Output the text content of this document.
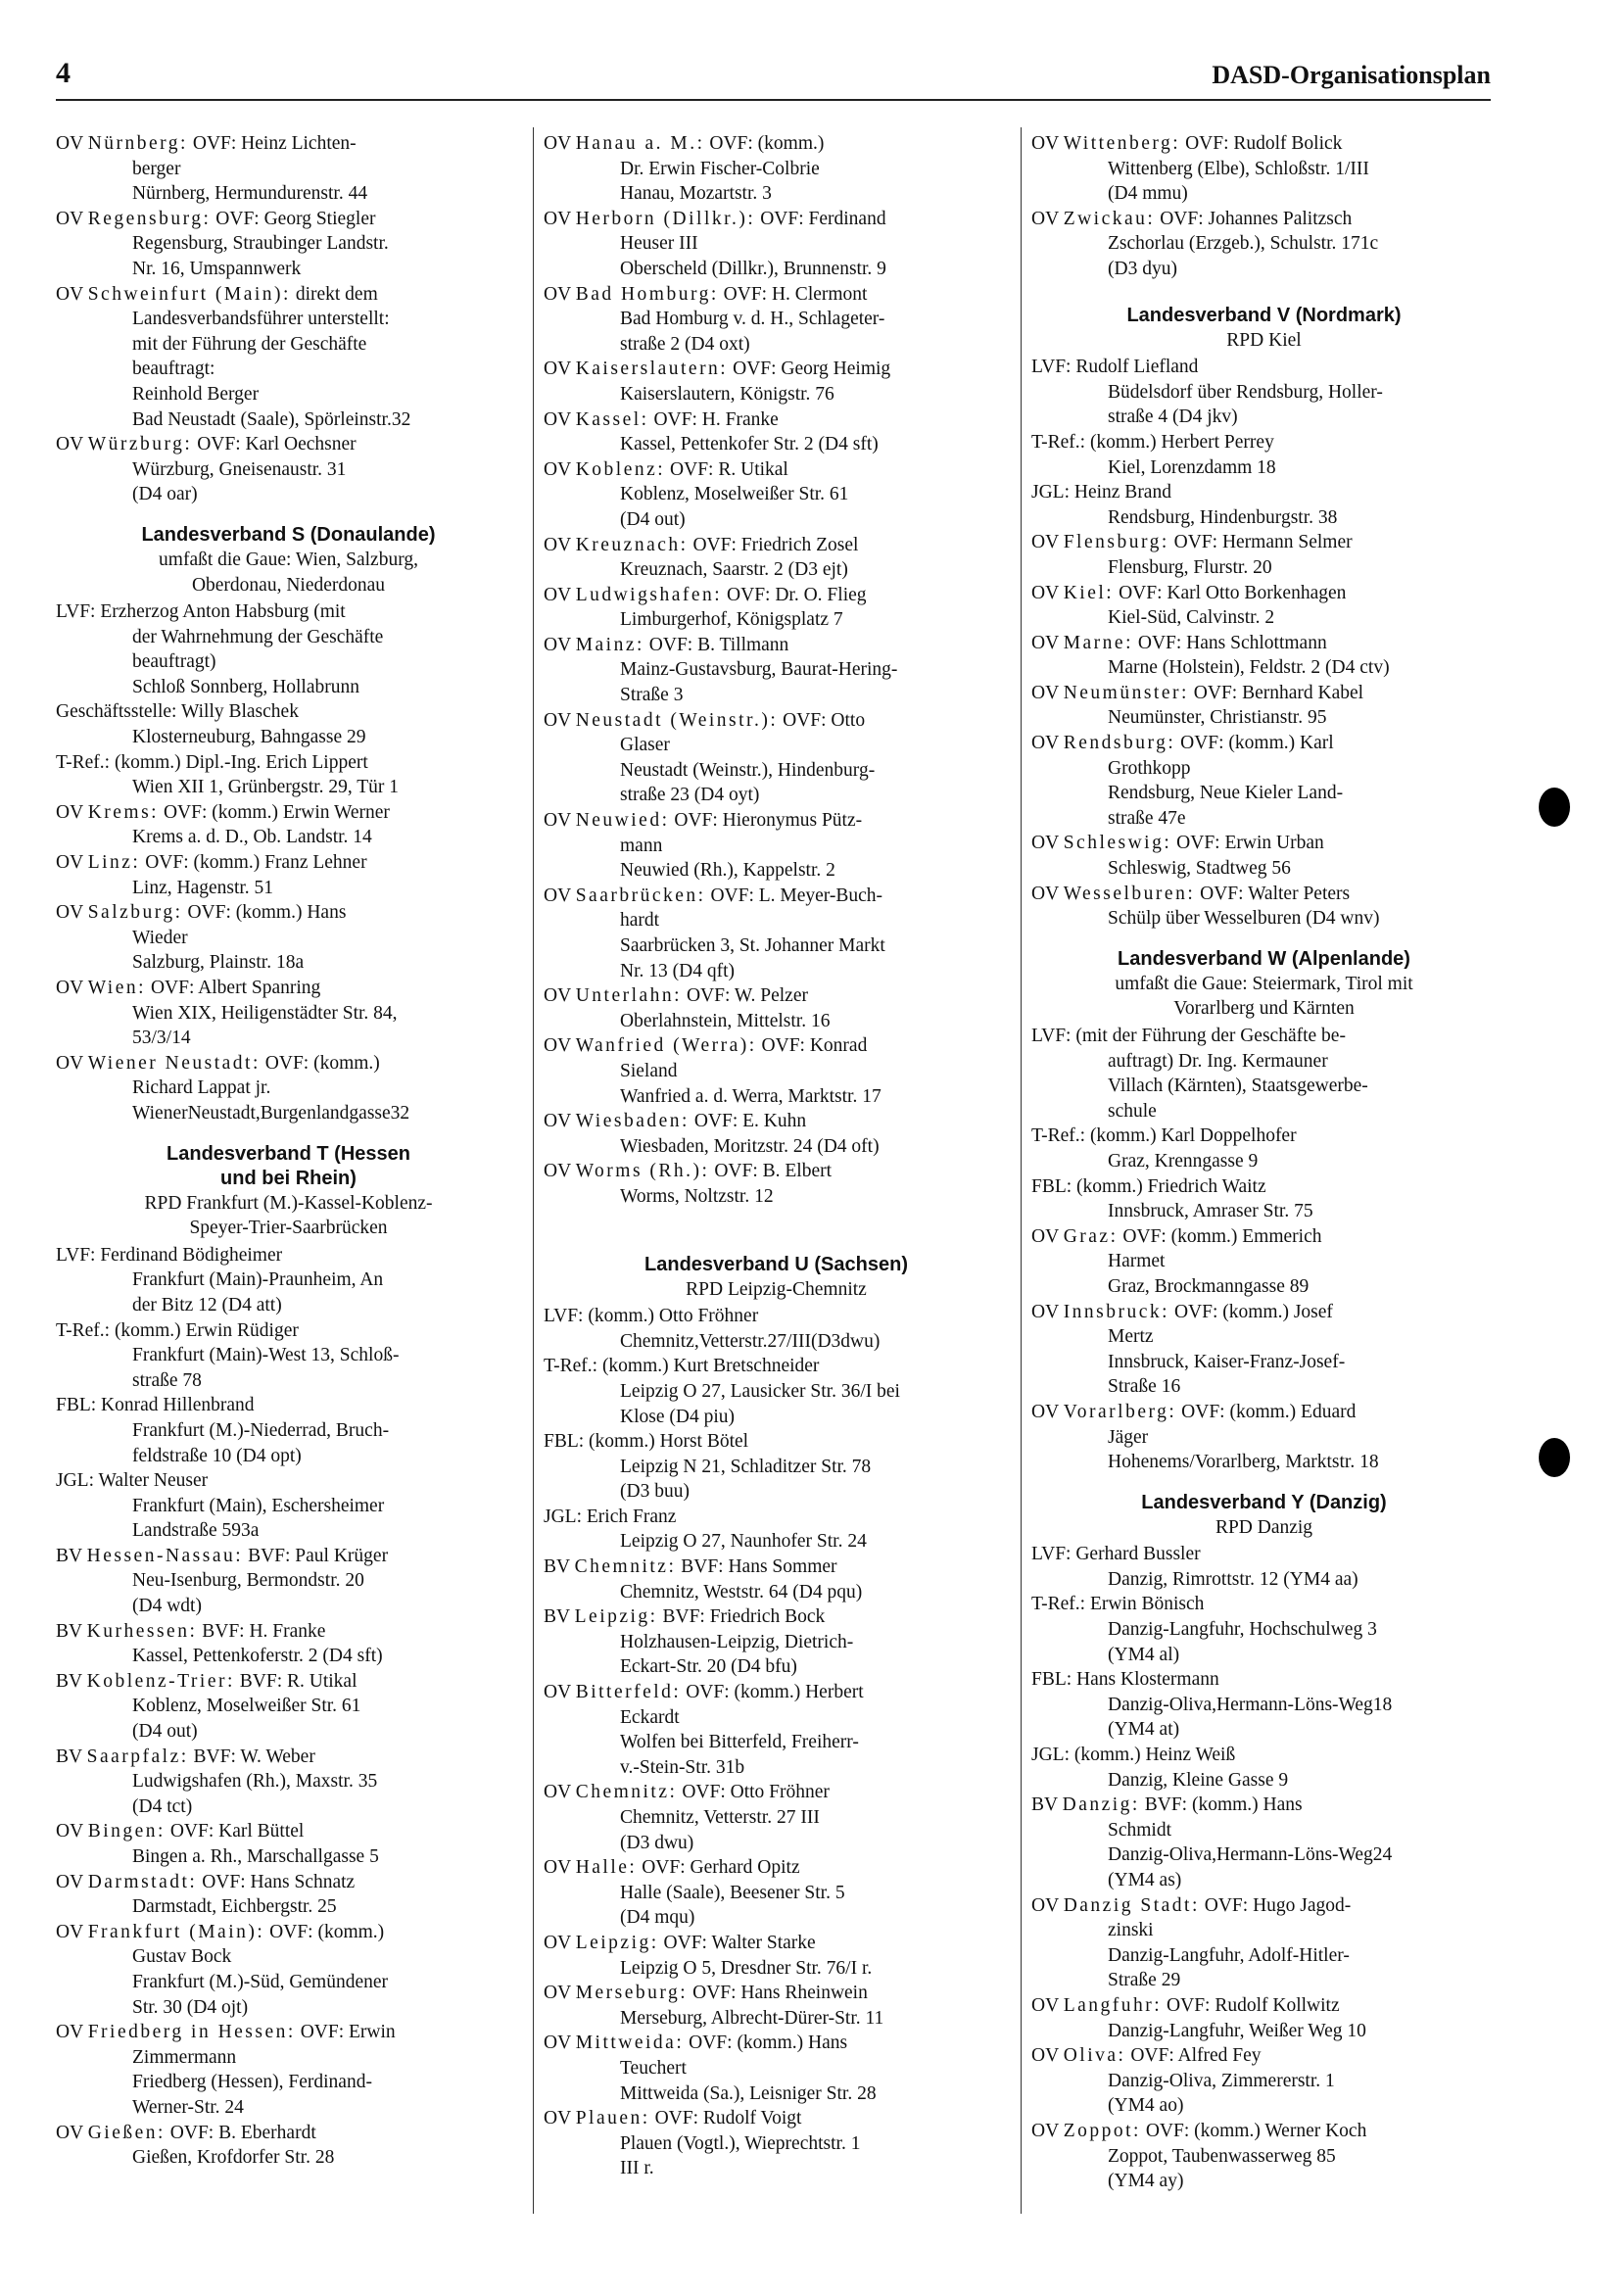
4	DASD-Organisationsplan
OV Nürnberg: OVF: Heinz Lichten-
berger
Nürnberg, Hermundurenstr. 44
OV Regensburg: OVF: Georg Stiegler
Regensburg, Straubinger Landstr.
Nr. 16, Umspannwerk
OV Schweinfurt (Main): direkt dem
Landesverbandsführer unterstellt:
mit der Führung der Geschäfte
beauftragt:
Reinhold Berger
Bad Neustadt (Saale), Spörleinstr.32
OV Würzburg: OVF: Karl Oechsner
Würzburg, Gneisenaustr. 31
(D4 oar)
Landesverband S (Donaulande)
umfaßt die Gaue: Wien, Salzburg,
Oberdonau, Niederdonau
LVF: Erzherzog Anton Habsburg (mit
der Wahrnehmung der Geschäfte
beauftragt)
Schloß Sonnberg, Hollabrunn
Geschäftsstelle: Willy Blaschek
Klosterneuburg, Bahngasse 29
T-Ref.: (komm.) Dipl.-Ing. Erich Lippert
Wien XII 1, Grünbergstr. 29, Tür 1
OV Krems: OVF: (komm.) Erwin Werner
Krems a. d. D., Ob. Landstr. 14
OV Linz: OVF: (komm.) Franz Lehner
Linz, Hagenstr. 51
OV Salzburg: OVF: (komm.) Hans
Wieder
Salzburg, Plainstr. 18a
OV Wien: OVF: Albert Spanring
Wien XIX, Heiligenstädter Str. 84,
53/3/14
OV Wiener Neustadt: OVF: (komm.)
Richard Lappat jr.
WienerNeustadt,Burgenlandgasse32
Landesverband T (Hessen
und bei Rhein)
RPD Frankfurt (M.)-Kassel-Koblenz-
Speyer-Trier-Saarbrücken
LVF: Ferdinand Bödigheimer
Frankfurt (Main)-Praunheim, An
der Bitz 12 (D4 att)
T-Ref.: (komm.) Erwin Rüdiger
Frankfurt (Main)-West 13, Schloß-
straße 78
FBL: Konrad Hillenbrand
Frankfurt (M.)-Niederrad, Bruch-
feldstraße 10 (D4 opt)
JGL: Walter Neuser
Frankfurt (Main), Eschersheimer
Landstraße 593a
BV Hessen-Nassau: BVF: Paul Krüger
Neu-Isenburg, Bermondstr. 20
(D4 wdt)
BV Kurhessen: BVF: H. Franke
Kassel, Pettenkoferstr. 2 (D4 sft)
BV Koblenz-Trier: BVF: R. Utikal
Koblenz, Moselweißer Str. 61
(D4 out)
BV Saarpfalz: BVF: W. Weber
Ludwigshafen (Rh.), Maxstr. 35
(D4 tct)
OV Bingen: OVF: Karl Büttel
Bingen a. Rh., Marschallgasse 5
OV Darmstadt: OVF: Hans Schnatz
Darmstadt, Eichbergstr. 25
OV Frankfurt (Main): OVF: (komm.)
Gustav Bock
Frankfurt (M.)-Süd, Gemündener
Str. 30 (D4 ojt)
OV Friedberg in Hessen: OVF: Erwin
Zimmermann
Friedberg (Hessen), Ferdinand-
Werner-Str. 24
OV Gießen: OVF: B. Eberhardt
Gießen, Krofdorfer Str. 28
OV Hanau a. M.: OVF: (komm.)
Dr. Erwin Fischer-Colbrie
Hanau, Mozartstr. 3
OV Herborn (Dillkr.): OVF: Ferdinand
Heuser III
Oberscheld (Dillkr.), Brunnenstr. 9
OV Bad Homburg: OVF: H. Clermont
Bad Homburg v. d. H., Schlageter-
straße 2 (D4 oxt)
OV Kaiserslautern: OVF: Georg Heimig
Kaiserslautern, Königstr. 76
OV Kassel: OVF: H. Franke
Kassel, Pettenkofer Str. 2 (D4 sft)
OV Koblenz: OVF: R. Utikal
Koblenz, Moselweißer Str. 61
(D4 out)
OV Kreuznach: OVF: Friedrich Zosel
Kreuznach, Saarstr. 2 (D3 ejt)
OV Ludwigshafen: OVF: Dr. O. Flieg
Limburgerhof, Königsplatz 7
OV Mainz: OVF: B. Tillmann
Mainz-Gustavsburg, Baurat-Hering-
Straße 3
OV Neustadt (Weinstr.): OVF: Otto
Glaser
Neustadt (Weinstr.), Hindenburg-
straße 23 (D4 oyt)
OV Neuwied: OVF: Hieronymus Pütz-
mann
Neuwied (Rh.), Kappelstr. 2
OV Saarbrücken: OVF: L. Meyer-Buch-
hardt
Saarbrücken 3, St. Johanner Markt
Nr. 13 (D4 qft)
OV Unterlahn: OVF: W. Pelzer
Oberlahnstein, Mittelstr. 16
OV Wanfried (Werra): OVF: Konrad
Sieland
Wanfried a. d. Werra, Marktstr. 17
OV Wiesbaden: OVF: E. Kuhn
Wiesbaden, Moritzstr. 24 (D4 oft)
OV Worms (Rh.): OVF: B. Elbert
Worms, Noltzstr. 12
Landesverband U (Sachsen)
RPD Leipzig-Chemnitz
LVF: (komm.) Otto Fröhner
Chemnitz,Vetterstr.27/III(D3dwu)
T-Ref.: (komm.) Kurt Bretschneider
Leipzig O 27, Lausicker Str. 36/I bei
Klose (D4 piu)
FBL: (komm.) Horst Bötel
Leipzig N 21, Schladitzer Str. 78
(D3 buu)
JGL: Erich Franz
Leipzig O 27, Naunhofer Str. 24
BV Chemnitz: BVF: Hans Sommer
Chemnitz, Weststr. 64 (D4 pqu)
BV Leipzig: BVF: Friedrich Bock
Holzhausen-Leipzig, Dietrich-
Eckart-Str. 20 (D4 bfu)
OV Bitterfeld: OVF: (komm.) Herbert
Eckardt
Wolfen bei Bitterfeld, Freiherr-
v.-Stein-Str. 31b
OV Chemnitz: OVF: Otto Fröhner
Chemnitz, Vetterstr. 27 III
(D3 dwu)
OV Halle: OVF: Gerhard Opitz
Halle (Saale), Beesener Str. 5
(D4 mqu)
OV Leipzig: OVF: Walter Starke
Leipzig O 5, Dresdner Str. 76/I r.
OV Merseburg: OVF: Hans Rheinwein
Merseburg, Albrecht-Dürer-Str. 11
OV Mittweida: OVF: (komm.) Hans
Teuchert
Mittweida (Sa.), Leisniger Str. 28
OV Plauen: OVF: Rudolf Voigt
Plauen (Vogtl.), Wieprechtstr. 1
III r.
OV Wittenberg: OVF: Rudolf Bolick
Wittenberg (Elbe), Schloßstr. 1/III
(D4 mmu)
OV Zwickau: OVF: Johannes Palitzsch
Zschorlau (Erzgeb.), Schulstr. 171c
(D3 dyu)
Landesverband V (Nordmark)
RPD Kiel
LVF: Rudolf Liefland
Büdelsdorf über Rendsburg, Holler-
straße 4 (D4 jkv)
T-Ref.: (komm.) Herbert Perrey
Kiel, Lorenzdamm 18
JGL: Heinz Brand
Rendsburg, Hindenburgstr. 38
OV Flensburg: OVF: Hermann Selmer
Flensburg, Flurstr. 20
OV Kiel: OVF: Karl Otto Borkenhagen
Kiel-Süd, Calvinstr. 2
OV Marne: OVF: Hans Schlottmann
Marne (Holstein), Feldstr. 2 (D4 ctv)
OV Neumünster: OVF: Bernhard Kabel
Neumünster, Christianstr. 95
OV Rendsburg: OVF: (komm.) Karl
Grothkopp
Rendsburg, Neue Kieler Land-
straße 47e
OV Schleswig: OVF: Erwin Urban
Schleswig, Stadtweg 56
OV Wesselburen: OVF: Walter Peters
Schülp über Wesselburen (D4 wnv)
Landesverband W (Alpenlande)
umfaßt die Gaue: Steiermark, Tirol mit
Vorarlberg und Kärnten
LVF: (mit der Führung der Geschäfte be-
auftragt) Dr. Ing. Kermauner
Villach (Kärnten), Staatsgewerbe-
schule
T-Ref.: (komm.) Karl Doppelhofer
Graz, Krenngasse 9
FBL: (komm.) Friedrich Waitz
Innsbruck, Amraser Str. 75
OV Graz: OVF: (komm.) Emmerich
Harmet
Graz, Brockmanngasse 89
OV Innsbruck: OVF: (komm.) Josef
Mertz
Innsbruck, Kaiser-Franz-Josef-
Straße 16
OV Vorarlberg: OVF: (komm.) Eduard
Jäger
Hohenems/Vorarlberg, Marktstr. 18
Landesverband Y (Danzig)
RPD Danzig
LVF: Gerhard Bussler
Danzig, Rimrottstr. 12 (YM4 aa)
T-Ref.: Erwin Bönisch
Danzig-Langfuhr, Hochschulweg 3
(YM4 al)
FBL: Hans Klostermann
Danzig-Oliva,Hermann-Löns-Weg18
(YM4 at)
JGL: (komm.) Heinz Weiß
Danzig, Kleine Gasse 9
BV Danzig: BVF: (komm.) Hans
Schmidt
Danzig-Oliva,Hermann-Löns-Weg24
(YM4 as)
OV Danzig Stadt: OVF: Hugo Jagod-
zinski
Danzig-Langfuhr, Adolf-Hitler-
Straße 29
OV Langfuhr: OVF: Rudolf Kollwitz
Danzig-Langfuhr, Weißer Weg 10
OV Oliva: OVF: Alfred Fey
Danzig-Oliva, Zimmererstr. 1
(YM4 ao)
OV Zoppot: OVF: (komm.) Werner Koch
Zoppot, Taubenwasserweg 85
(YM4 ay)
